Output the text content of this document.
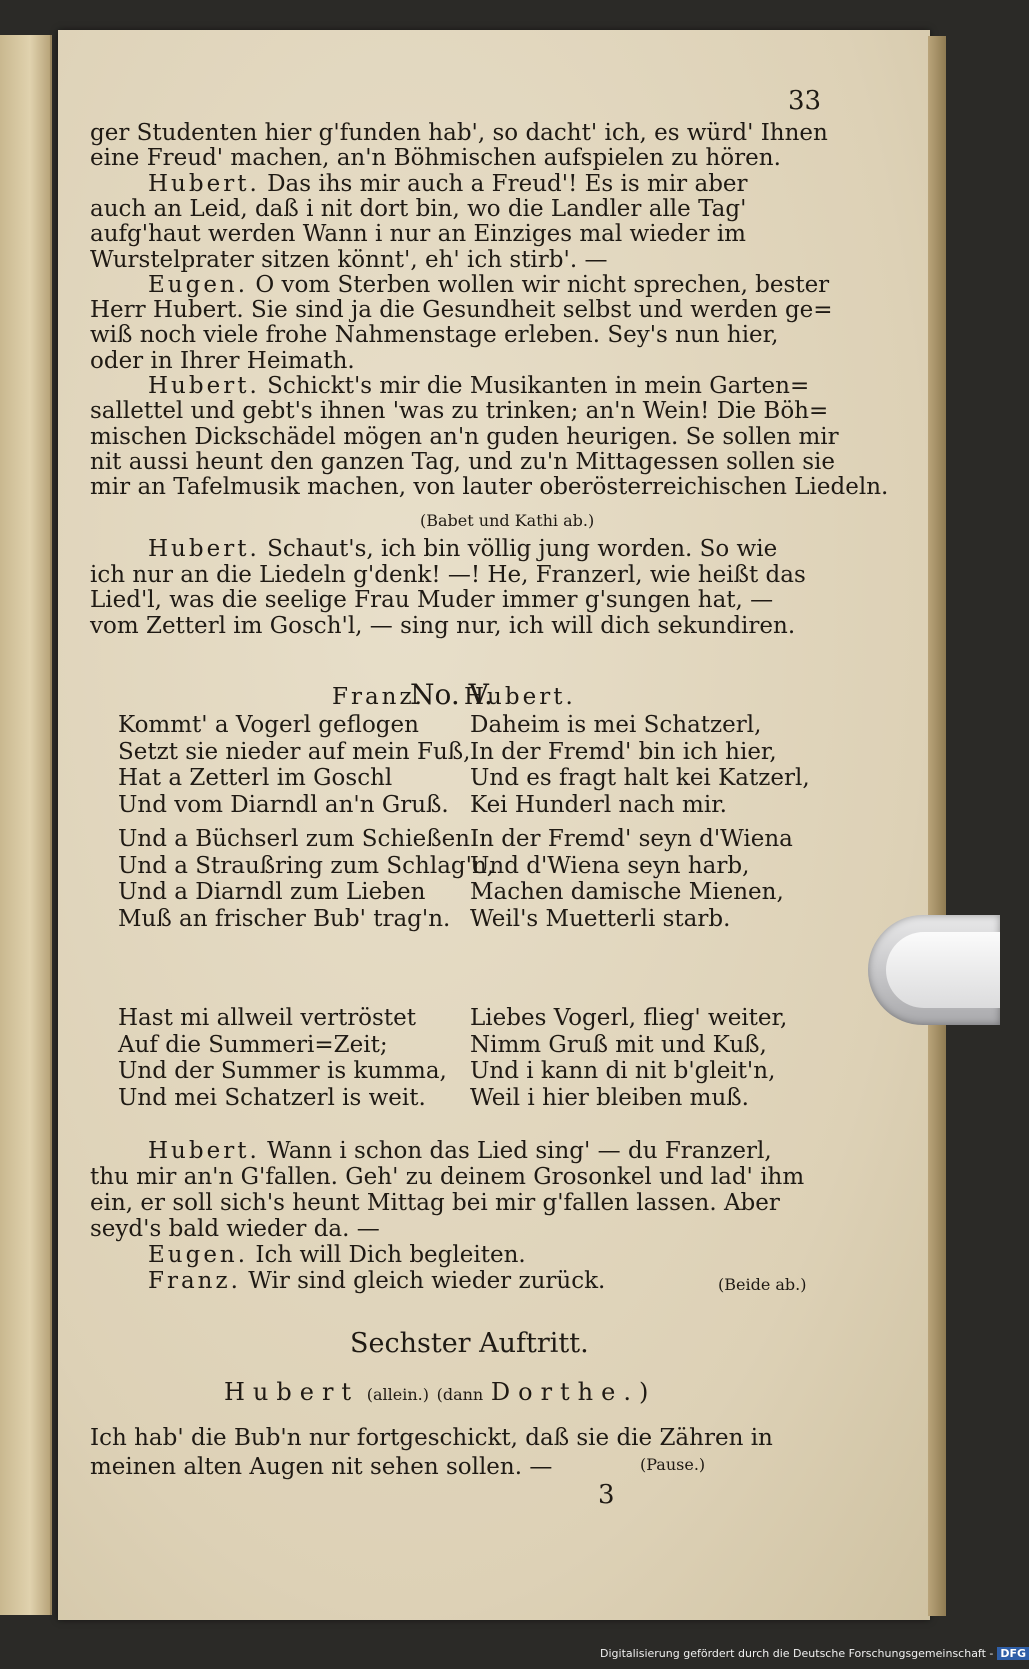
33
ger Studenten hier g'funden hab', so dacht' ich, es würd' Ihnen
eine Freud' machen, an'n Böhmischen aufspielen zu hören.
Hubert. Das ihs mir auch a Freud'! Es is mir aber
auch an Leid, daß i nit dort bin, wo die Landler alle Tag'
aufg'haut werden Wann i nur an Einziges mal wieder im
Wurstelprater sitzen könnt', eh' ich stirb'. —
Eugen. O vom Sterben wollen wir nicht sprechen, bester
Herr Hubert. Sie sind ja die Gesundheit selbst und werden ge=
wiß noch viele frohe Nahmenstage erleben. Sey's nun hier,
oder in Ihrer Heimath.
Hubert. Schickt's mir die Musikanten in mein Garten=
sallettel und gebt's ihnen 'was zu trinken; an'n Wein! Die Böh=
mischen Dickschädel mögen an'n guden heurigen. Se sollen mir
nit aussi heunt den ganzen Tag, und zu'n Mittagessen sollen sie
mir an Tafelmusik machen, von lauter oberösterreichischen Liedeln.
(Babet und Kathi ab.)
Hubert. Schaut's, ich bin völlig jung worden. So wie
ich nur an die Liedeln g'denk! —! He, Franzerl, wie heißt das
Lied'l, was die seelige Frau Muder immer g'sungen hat, —
vom Zetterl im Gosch'l, — sing nur, ich will dich sekundiren.
No. V.
Franz. Hubert.
Kommt' a Vogerl geflogen
Setzt sie nieder auf mein Fuß,
Hat a Zetterl im Goschl
Und vom Diarndl an'n Gruß.
Und a Büchserl zum Schießen
Und a Straußring zum Schlag'n,
Und a Diarndl zum Lieben
Muß an frischer Bub' trag'n.
Hast mi allweil vertröstet
Auf die Summeri=Zeit;
Und der Summer is kumma,
Und mei Schatzerl is weit.
Daheim is mei Schatzerl,
In der Fremd' bin ich hier,
Und es fragt halt kei Katzerl,
Kei Hunderl nach mir.
In der Fremd' seyn d'Wiena
Und d'Wiena seyn harb,
Machen damische Mienen,
Weil's Muetterli starb.
Liebes Vogerl, flieg' weiter,
Nimm Gruß mit und Kuß,
Und i kann di nit b'gleit'n,
Weil i hier bleiben muß.
Hubert. Wann i schon das Lied sing' — du Franzerl,
thu mir an'n G'fallen. Geh' zu deinem Grosonkel und lad' ihm
ein, er soll sich's heunt Mittag bei mir g'fallen lassen. Aber
seyd's bald wieder da. —
Eugen. Ich will Dich begleiten.
Franz. Wir sind gleich wieder zurück.	(Beide ab.)
Sechster Auftritt.
Hubert (allein.) (dann Dorthe.)
Ich hab' die Bub'n nur fortgeschickt, daß sie die Zähren in
meinen alten Augen nit sehen sollen. —	(Pause.)
3
Digitalisierung gefördert durch die Deutsche Forschungsgemeinschaft - DFG
